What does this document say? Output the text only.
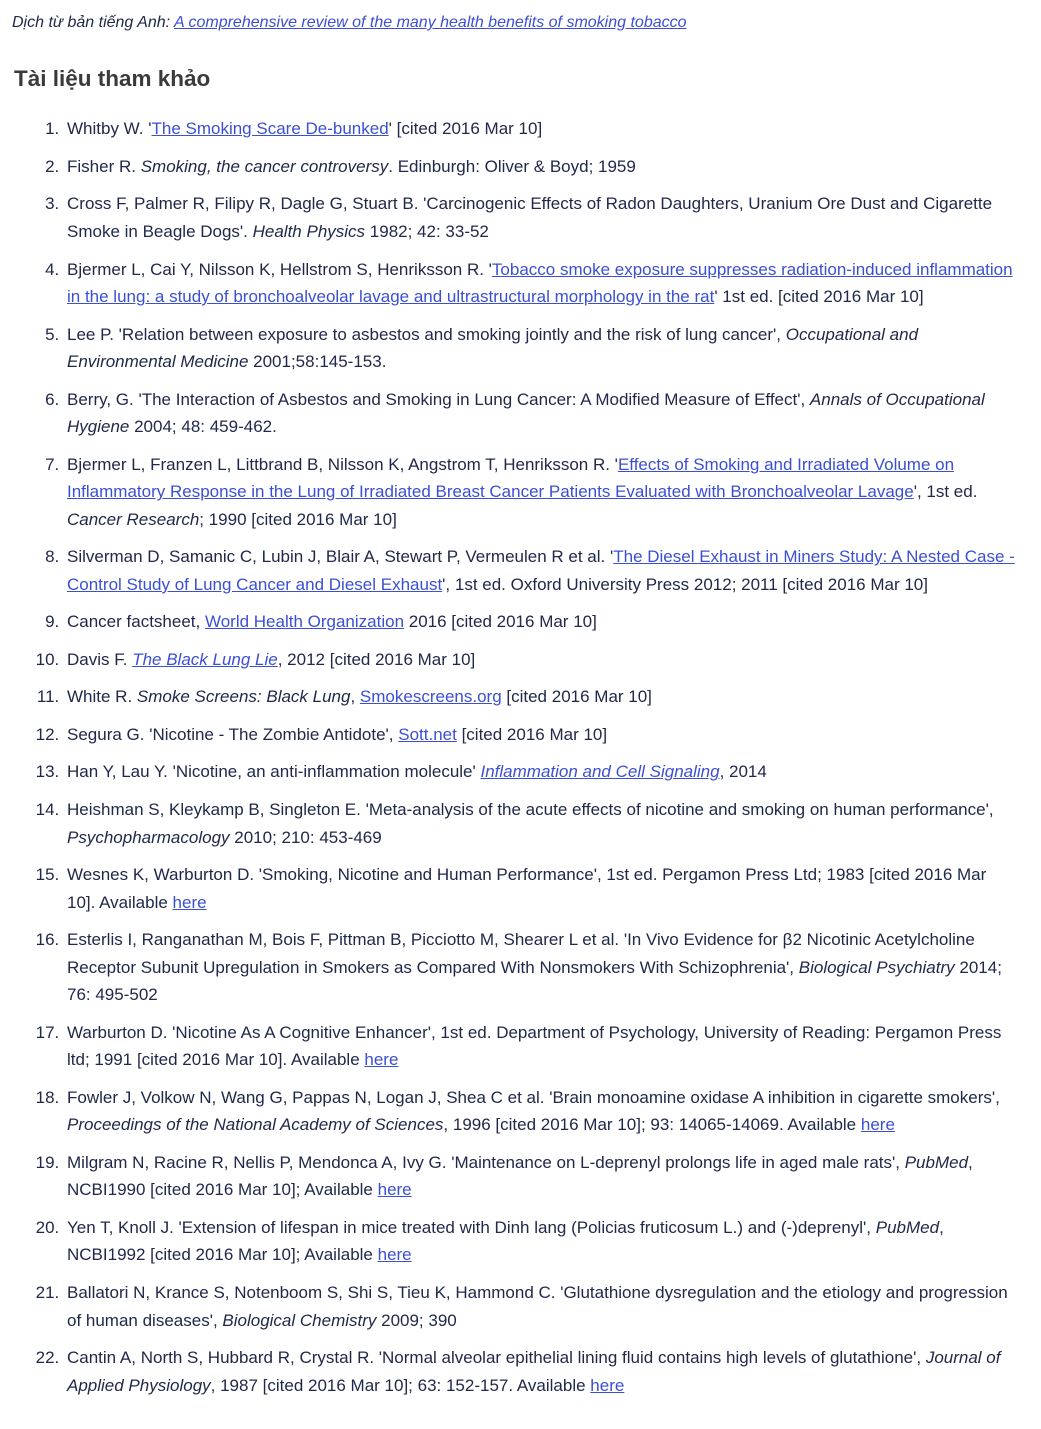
Dịch từ bản tiếng Anh: A comprehensive review of the many health benefits of smoking tobacco

Tài liệu tham khảo
1. Whitby W. 'The Smoking Scare De-bunked' [cited 2016 Mar 10]
2. Fisher R. Smoking, the cancer controversy. Edinburgh: Oliver & Boyd; 1959
3. Cross F, Palmer R, Filipy R, Dagle G, Stuart B. 'Carcinogenic Effects of Radon Daughters, Uranium Ore Dust and Cigarette Smoke in Beagle Dogs'. Health Physics 1982; 42: 33-52
4. Bjermer L, Cai Y, Nilsson K, Hellstrom S, Henriksson R. 'Tobacco smoke exposure suppresses radiation-induced inflammation in the lung: a study of bronchoalveolar lavage and ultrastructural morphology in the rat' 1st ed. [cited 2016 Mar 10]
5. Lee P. 'Relation between exposure to asbestos and smoking jointly and the risk of lung cancer', Occupational and Environmental Medicine 2001;58:145-153.
6. Berry, G. 'The Interaction of Asbestos and Smoking in Lung Cancer: A Modified Measure of Effect', Annals of Occupational Hygiene 2004; 48: 459-462.
7. Bjermer L, Franzen L, Littbrand B, Nilsson K, Angstrom T, Henriksson R. 'Effects of Smoking and Irradiated Volume on Inflammatory Response in the Lung of Irradiated Breast Cancer Patients Evaluated with Bronchoalveolar Lavage', 1st ed. Cancer Research; 1990 [cited 2016 Mar 10]
8. Silverman D, Samanic C, Lubin J, Blair A, Stewart P, Vermeulen R et al. 'The Diesel Exhaust in Miners Study: A Nested Case - Control Study of Lung Cancer and Diesel Exhaust', 1st ed. Oxford University Press 2012; 2011 [cited 2016 Mar 10]
9. Cancer factsheet, World Health Organization 2016 [cited 2016 Mar 10]
10. Davis F. The Black Lung Lie, 2012 [cited 2016 Mar 10]
11. White R. Smoke Screens: Black Lung, Smokescreens.org [cited 2016 Mar 10]
12. Segura G. 'Nicotine - The Zombie Antidote', Sott.net [cited 2016 Mar 10]
13. Han Y, Lau Y. 'Nicotine, an anti-inflammation molecule' Inflammation and Cell Signaling, 2014
14. Heishman S, Kleykamp B, Singleton E. 'Meta-analysis of the acute effects of nicotine and smoking on human performance', Psychopharmacology 2010; 210: 453-469
15. Wesnes K, Warburton D. 'Smoking, Nicotine and Human Performance', 1st ed. Pergamon Press Ltd; 1983 [cited 2016 Mar 10]. Available here
16. Esterlis I, Ranganathan M, Bois F, Pittman B, Picciotto M, Shearer L et al. 'In Vivo Evidence for β2 Nicotinic Acetylcholine Receptor Subunit Upregulation in Smokers as Compared With Nonsmokers With Schizophrenia', Biological Psychiatry 2014; 76: 495-502
17. Warburton D. 'Nicotine As A Cognitive Enhancer', 1st ed. Department of Psychology, University of Reading: Pergamon Press ltd; 1991 [cited 2016 Mar 10]. Available here
18. Fowler J, Volkow N, Wang G, Pappas N, Logan J, Shea C et al. 'Brain monoamine oxidase A inhibition in cigarette smokers', Proceedings of the National Academy of Sciences, 1996 [cited 2016 Mar 10]; 93: 14065-14069. Available here
19. Milgram N, Racine R, Nellis P, Mendonca A, Ivy G. 'Maintenance on L-deprenyl prolongs life in aged male rats', PubMed, NCBI1990 [cited 2016 Mar 10]; Available here
20. Yen T, Knoll J. 'Extension of lifespan in mice treated with Dinh lang (Policias fruticosum L.) and (-)deprenyl', PubMed, NCBI1992 [cited 2016 Mar 10]; Available here
21. Ballatori N, Krance S, Notenboom S, Shi S, Tieu K, Hammond C. 'Glutathione dysregulation and the etiology and progression of human diseases', Biological Chemistry 2009; 390
22. Cantin A, North S, Hubbard R, Crystal R. 'Normal alveolar epithelial lining fluid contains high levels of glutathione', Journal of Applied Physiology, 1987 [cited 2016 Mar 10]; 63: 152-157. Available here
